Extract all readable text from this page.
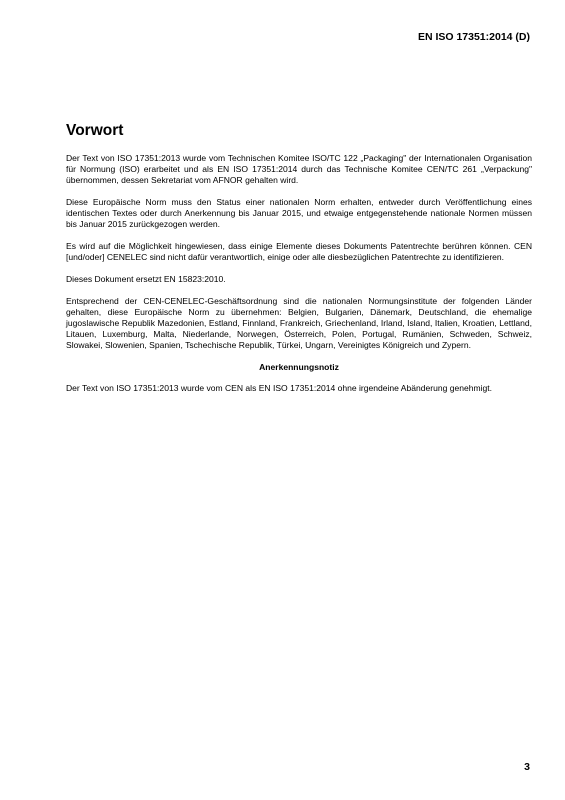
EN ISO 17351:2014 (D)
Vorwort

Der Text von ISO 17351:2013 wurde vom Technischen Komitee ISO/TC 122 „Packaging" der Internationalen Organisation für Normung (ISO) erarbeitet und als EN ISO 17351:2014 durch das Technische Komitee CEN/TC 261 „Verpackung" übernommen, dessen Sekretariat vom AFNOR gehalten wird.

Diese Europäische Norm muss den Status einer nationalen Norm erhalten, entweder durch Veröffentlichung eines identischen Textes oder durch Anerkennung bis Januar 2015, und etwaige entgegenstehende nationale Normen müssen bis Januar 2015 zurückgezogen werden.

Es wird auf die Möglichkeit hingewiesen, dass einige Elemente dieses Dokuments Patentrechte berühren können. CEN [und/oder] CENELEC sind nicht dafür verantwortlich, einige oder alle diesbezüglichen Patentrechte zu identifizieren.

Dieses Dokument ersetzt EN 15823:2010.

Entsprechend der CEN-CENELEC-Geschäftsordnung sind die nationalen Normungsinstitute der folgenden Länder gehalten, diese Europäische Norm zu übernehmen: Belgien, Bulgarien, Dänemark, Deutschland, die ehemalige jugoslawische Republik Mazedonien, Estland, Finnland, Frankreich, Griechenland, Irland, Island, Italien, Kroatien, Lettland, Litauen, Luxemburg, Malta, Niederlande, Norwegen, Österreich, Polen, Portugal, Rumänien, Schweden, Schweiz, Slowakei, Slowenien, Spanien, Tschechische Republik, Türkei, Ungarn, Vereinigtes Königreich und Zypern.

Anerkennungsnotiz

Der Text von ISO 17351:2013 wurde vom CEN als EN ISO 17351:2014 ohne irgendeine Abänderung genehmigt.

3
